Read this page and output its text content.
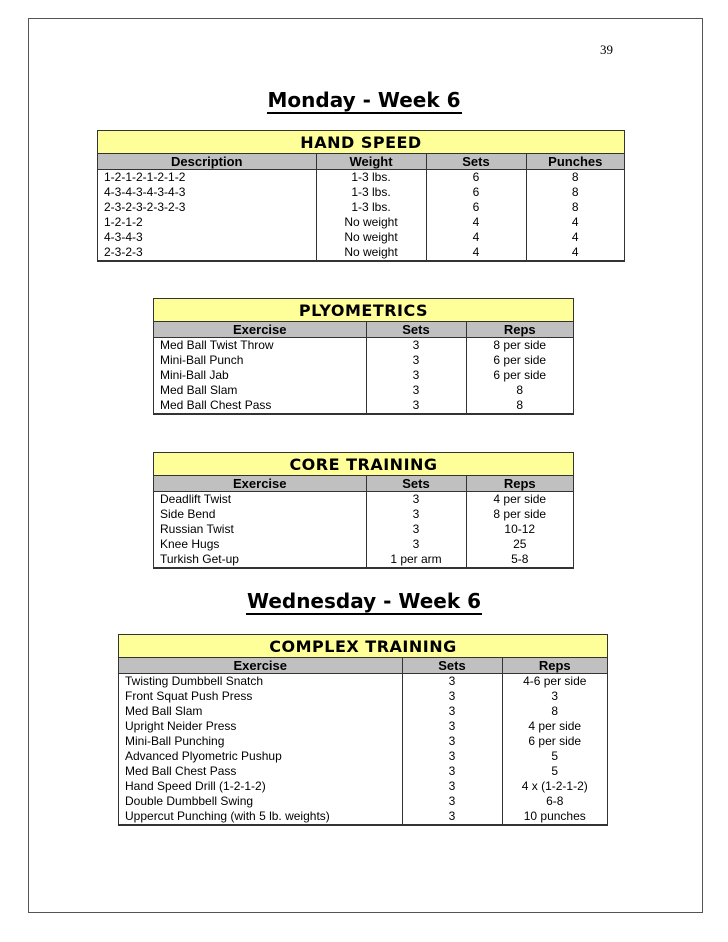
39
Monday - Week 6
HAND SPEED
Description	Weight	Sets	Punches
1-2-1-2-1-2-1-2	1-3 lbs.	6	8
4-3-4-3-4-3-4-3	1-3 lbs.	6	8
2-3-2-3-2-3-2-3	1-3 lbs.	6	8
1-2-1-2	No weight	4	4
4-3-4-3	No weight	4	4
2-3-2-3	No weight	4	4
PLYOMETRICS
Exercise	Sets	Reps
Med Ball Twist Throw	3	8 per side
Mini-Ball Punch	3	6 per side
Mini-Ball Jab	3	6 per side
Med Ball Slam	3	8
Med Ball Chest Pass	3	8
CORE TRAINING
Exercise	Sets	Reps
Deadlift Twist	3	4 per side
Side Bend	3	8 per side
Russian Twist	3	10-12
Knee Hugs	3	25
Turkish Get-up	1 per arm	5-8
Wednesday - Week 6
COMPLEX TRAINING
Exercise	Sets	Reps
Twisting Dumbbell Snatch	3	4-6 per side
Front Squat Push Press	3	3
Med Ball Slam	3	8
Upright Neider Press	3	4 per side
Mini-Ball Punching	3	6 per side
Advanced Plyometric Pushup	3	5
Med Ball Chest Pass	3	5
Hand Speed Drill (1-2-1-2)	3	4 x (1-2-1-2)
Double Dumbbell Swing	3	6-8
Uppercut Punching (with 5 lb. weights)	3	10 punches
